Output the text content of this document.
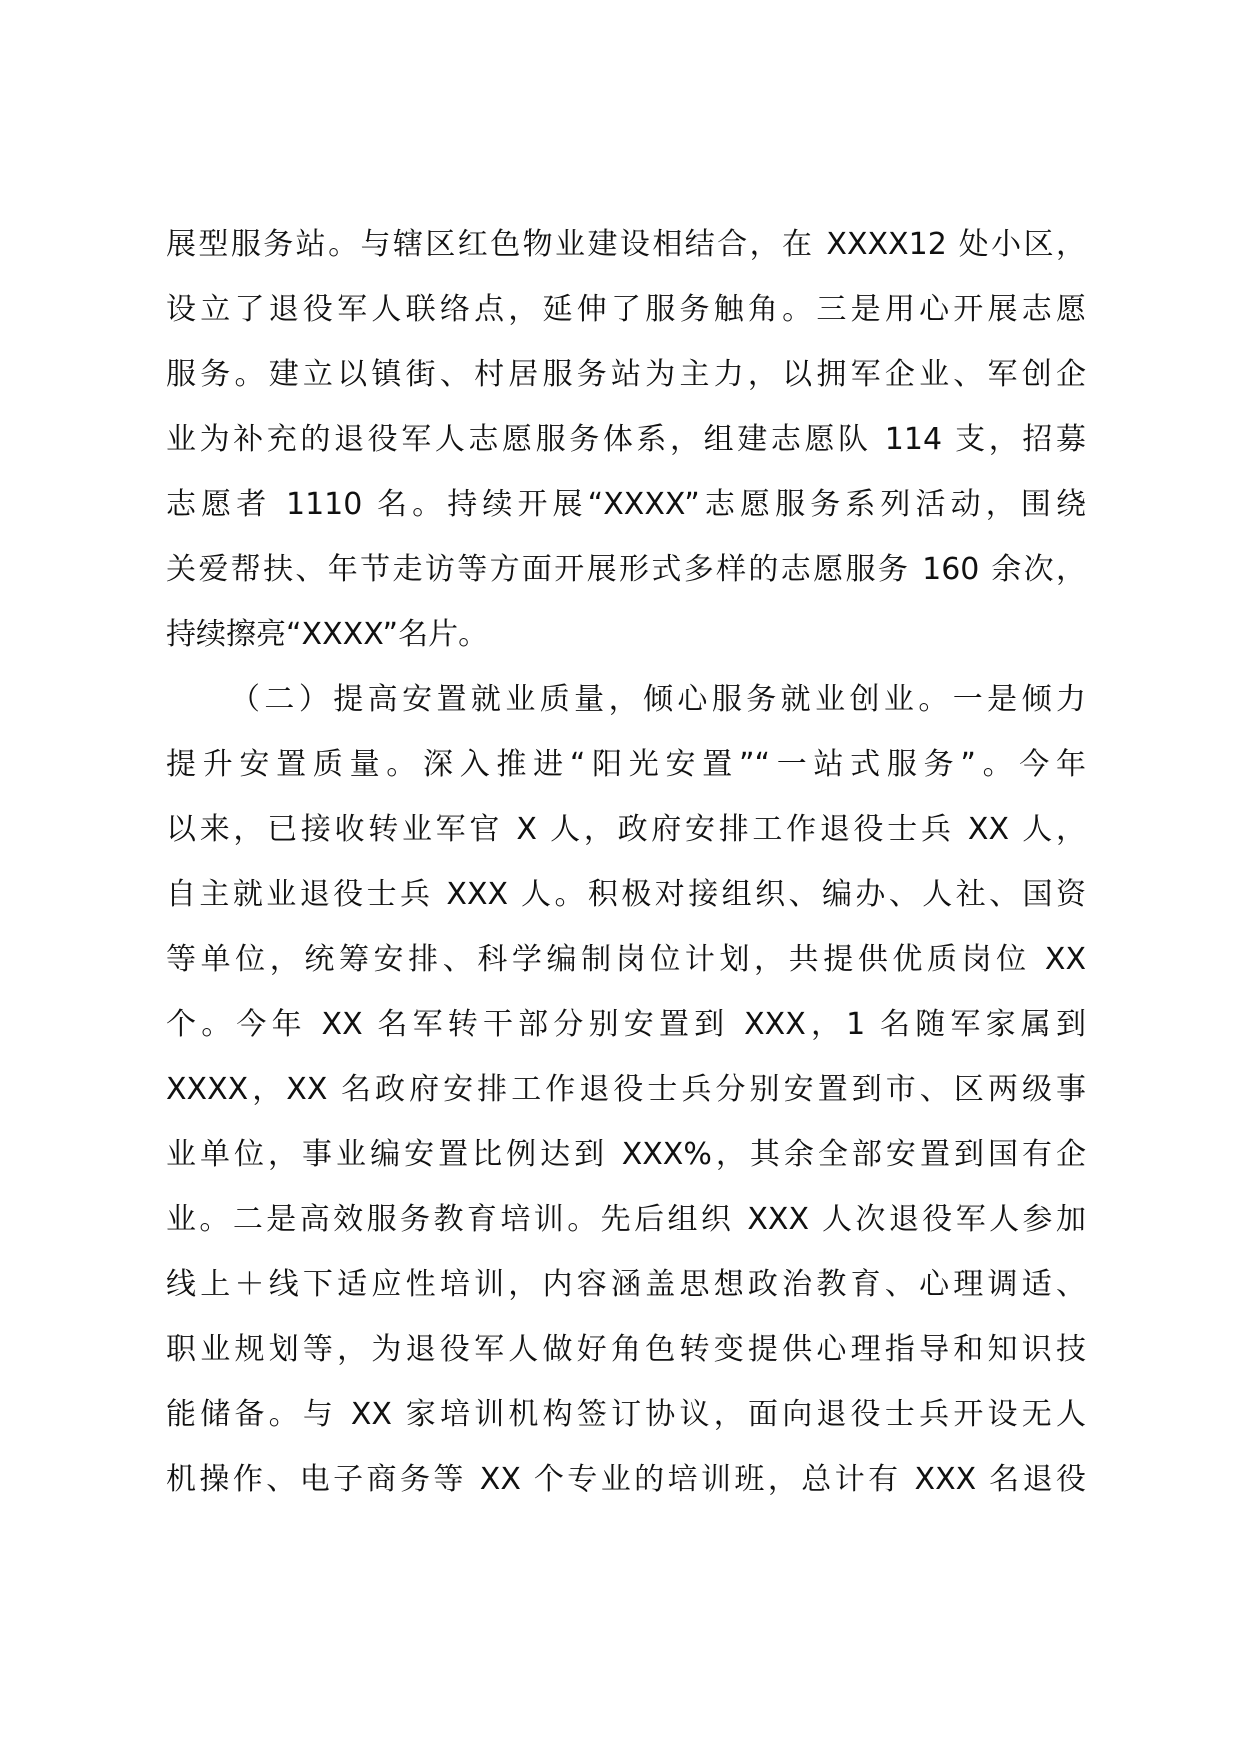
展型服务站。与辖区红色物业建设相结合，在 XXXX12 处小区，
设立了退役军人联络点，延伸了服务触角。三是用心开展志愿
服务。建立以镇街、村居服务站为主力，以拥军企业、军创企
业为补充的退役军人志愿服务体系，组建志愿队 114 支，招募
志愿者 1110 名。持续开展“XXXX”志愿服务系列活动，围绕
关爱帮扶、年节走访等方面开展形式多样的志愿服务 160 余次，
持续擦亮“XXXX”名片。
（二）提高安置就业质量，倾心服务就业创业。一是倾力
提升安置质量。深入推进“阳光安置”“一站式服务”。今年
以来，已接收转业军官 X 人，政府安排工作退役士兵 XX 人，
自主就业退役士兵 XXX 人。积极对接组织、编办、人社、国资
等单位，统筹安排、科学编制岗位计划，共提供优质岗位 XX
个。今年 XX 名军转干部分别安置到 XXX，1 名随军家属到
XXXX，XX 名政府安排工作退役士兵分别安置到市、区两级事
业单位，事业编安置比例达到 XXX%，其余全部安置到国有企
业。二是高效服务教育培训。先后组织 XXX 人次退役军人参加
线上＋线下适应性培训，内容涵盖思想政治教育、心理调适、
职业规划等，为退役军人做好角色转变提供心理指导和知识技
能储备。与 XX 家培训机构签订协议，面向退役士兵开设无人
机操作、电子商务等 XX 个专业的培训班，总计有 XXX 名退役
